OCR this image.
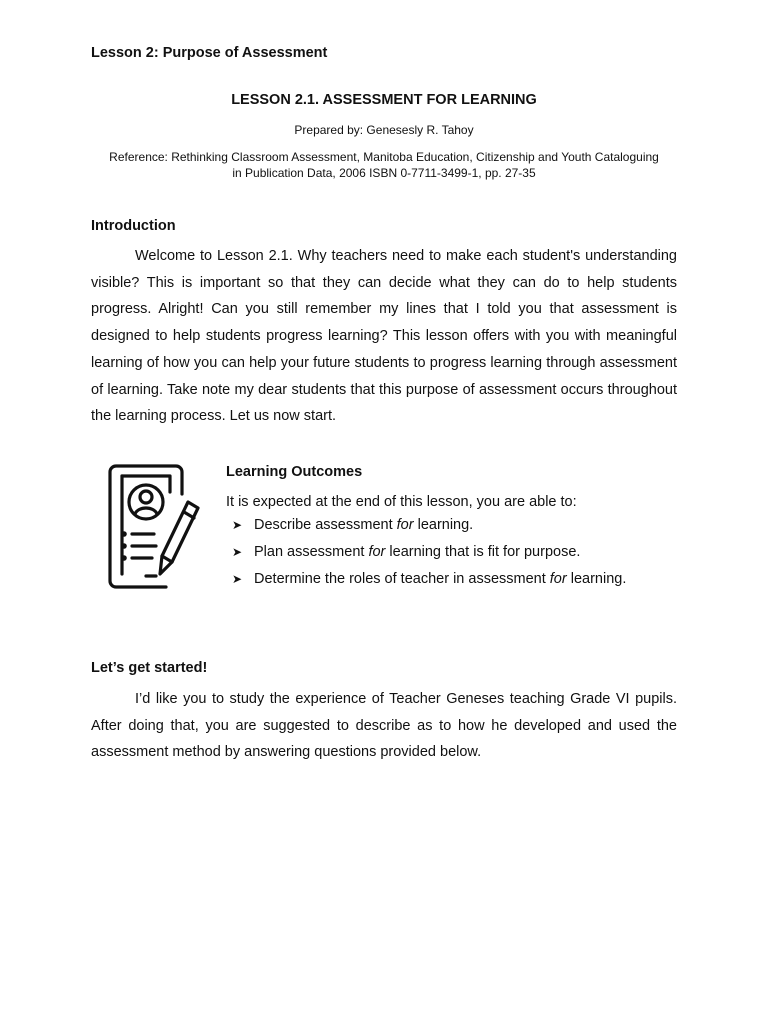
Lesson 2: Purpose of Assessment
LESSON 2.1. ASSESSMENT FOR LEARNING

Prepared by: Genesesly R. Tahoy

Reference: Rethinking Classroom Assessment, Manitoba Education, Citizenship and Youth Cataloguing
in Publication Data, 2006 ISBN 0-7711-3499-1, pp. 27-35
Introduction

Welcome to Lesson 2.1. Why teachers need to make each student's understanding visible? This is important so that they can decide what they can do to help students progress. Alright! Can you still remember my lines that I told you that assessment is designed to help students progress learning? This lesson offers with you with meaningful learning of how you can help your future students to progress learning through assessment of learning. Take note my dear students that this purpose of assessment occurs throughout the learning process. Let us now start.

Learning Outcomes

It is expected at the end of this lesson, you are able to:

➤ Describe assessment for learning.
➤ Plan assessment for learning that is fit for purpose.
➤ Determine the roles of teacher in assessment for learning.
Let’s get started!

I’d like you to study the experience of Teacher Geneses teaching Grade VI pupils. After doing that, you are suggested to describe as to how he developed and used the assessment method by answering questions provided below.
